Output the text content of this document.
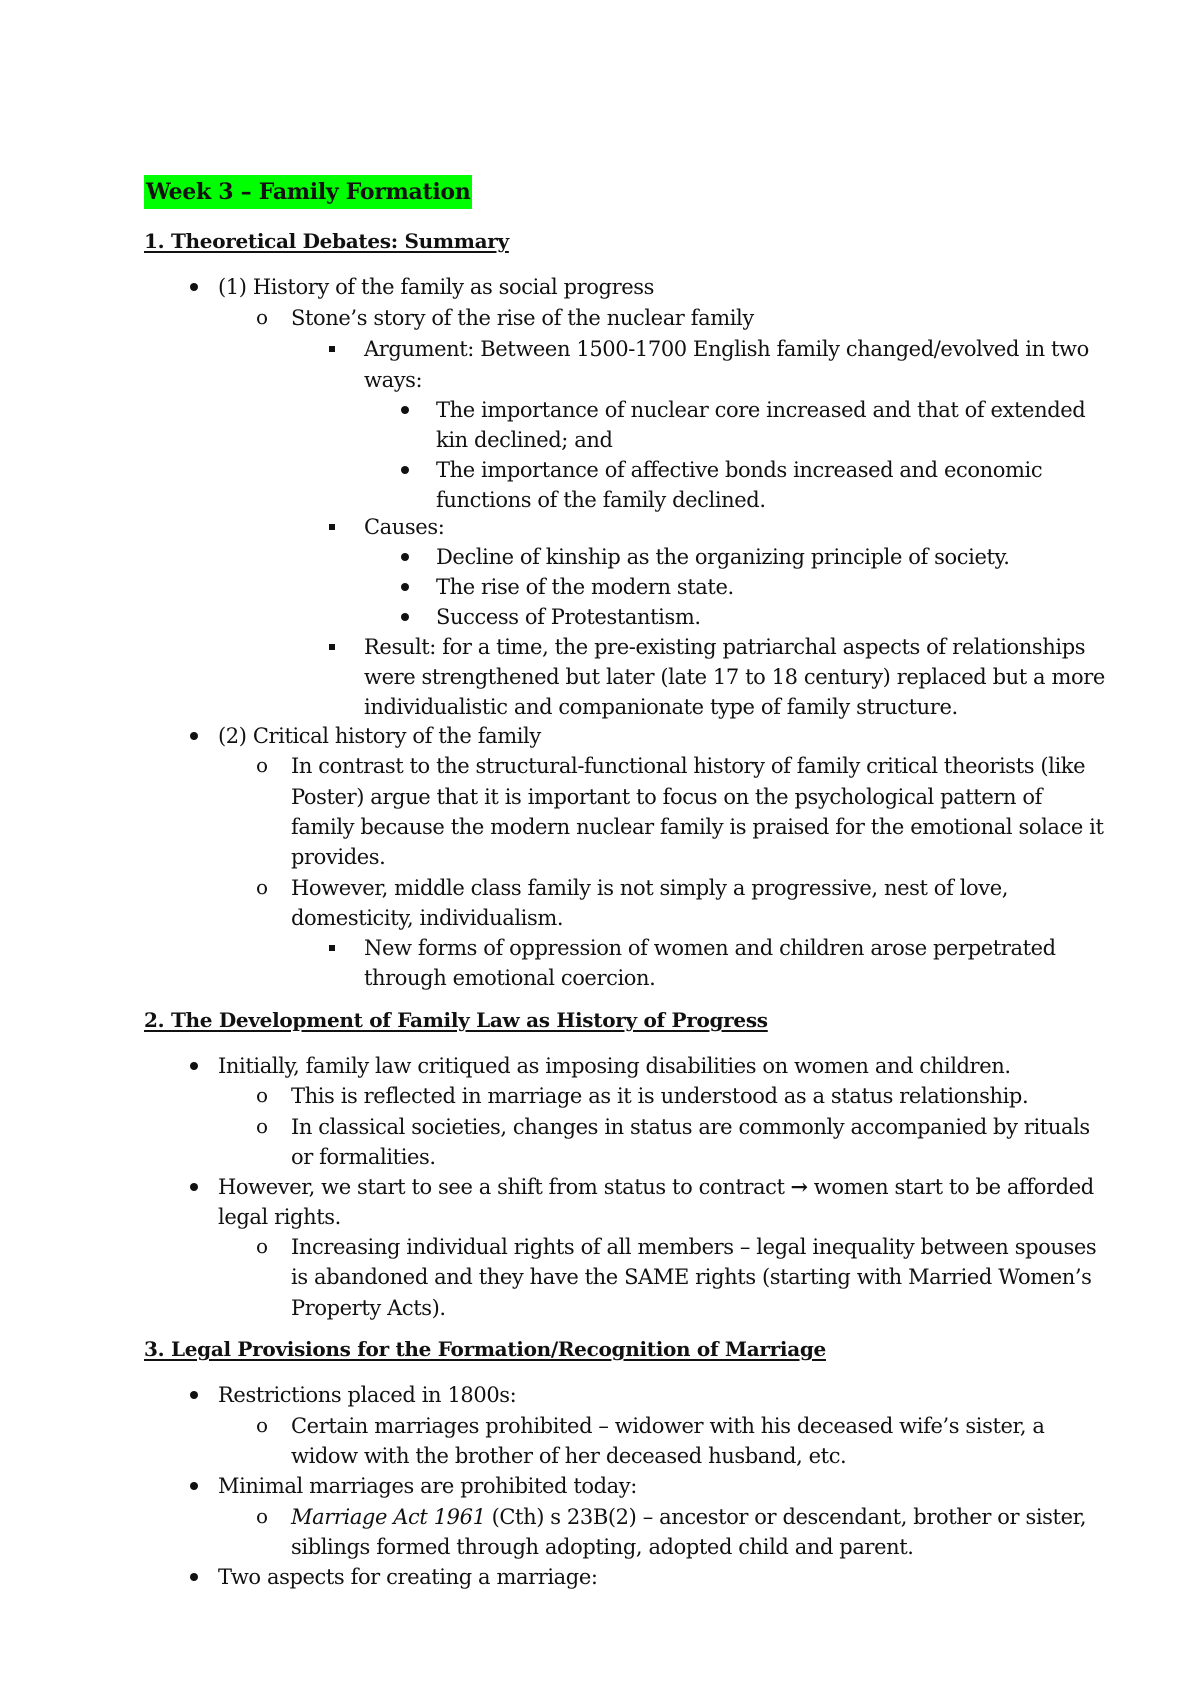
Week 3 – Family Formation
1. Theoretical Debates: Summary
(1) History of the family as social progress
o Stone’s story of the rise of the nuclear family
Argument: Between 1500-1700 English family changed/evolved in two
ways:
The importance of nuclear core increased and that of extended
kin declined; and
The importance of affective bonds increased and economic
functions of the family declined.
Causes:
Decline of kinship as the organizing principle of society.
The rise of the modern state.
Success of Protestantism.
Result: for a time, the pre-existing patriarchal aspects of relationships
were strengthened but later (late 17 to 18 century) replaced but a more
individualistic and companionate type of family structure.
(2) Critical history of the family
o In contrast to the structural-functional history of family critical theorists (like
Poster) argue that it is important to focus on the psychological pattern of
family because the modern nuclear family is praised for the emotional solace it
provides.
o However, middle class family is not simply a progressive, nest of love,
domesticity, individualism.
New forms of oppression of women and children arose perpetrated
through emotional coercion.
2. The Development of Family Law as History of Progress
Initially, family law critiqued as imposing disabilities on women and children.
o This is reflected in marriage as it is understood as a status relationship.
o In classical societies, changes in status are commonly accompanied by rituals
or formalities.
However, we start to see a shift from status to contract → women start to be afforded
legal rights.
o Increasing individual rights of all members – legal inequality between spouses
is abandoned and they have the SAME rights (starting with Married Women’s
Property Acts).
3. Legal Provisions for the Formation/Recognition of Marriage
Restrictions placed in 1800s:
o Certain marriages prohibited – widower with his deceased wife’s sister, a
widow with the brother of her deceased husband, etc.
Minimal marriages are prohibited today:
o Marriage Act 1961 (Cth) s 23B(2) – ancestor or descendant, brother or sister,
siblings formed through adopting, adopted child and parent.
Two aspects for creating a marriage:
